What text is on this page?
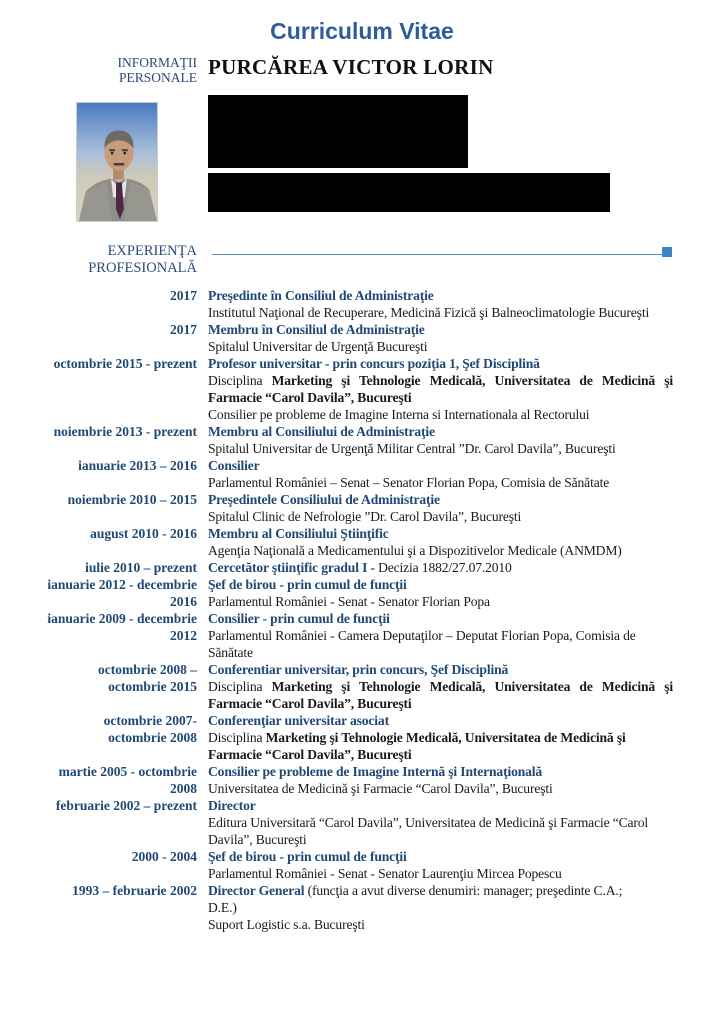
Curriculum Vitae
INFORMAŢII
PERSONALE PURCĂREA VICTOR LORIN
EXPERIENŢA
PROFESIONALĂ
2017 Preşedinte în Consiliul de Administraţie
Institutul Naţional de Recuperare, Medicină Fizică şi Balneoclimatologie Bucureşti
2017 Membru în Consiliul de Administraţie
Spitalul Universitar de Urgenţă Bucureşti
octombrie 2015 - prezent Profesor universitar - prin concurs poziţia 1, Şef Disciplină
Disciplina Marketing şi Tehnologie Medicală, Universitatea de Medicină şi
Farmacie “Carol Davila”, Bucureşti
Consilier pe probleme de Imagine Interna si Internationala al Rectorului
noiembrie 2013 - prezent Membru al Consiliului de Administraţie
Spitalul Universitar de Urgenţă Militar Central ”Dr. Carol Davila”, Bucureşti
ianuarie 2013 – 2016 Consilier
Parlamentul României – Senat – Senator Florian Popa, Comisia de Sănătate
noiembrie 2010 – 2015 Preşedintele Consiliului de Administraţie
Spitalul Clinic de Nefrologie ”Dr. Carol Davila”, Bucureşti
august 2010 - 2016 Membru al Consiliului Ştiinţific
Agenţia Naţională a Medicamentului şi a Dispozitivelor Medicale (ANMDM)
iulie 2010 – prezent Cercetător ştiinţific gradul I - Decizia 1882/27.07.2010
ianuarie 2012 - decembrie
2016
Şef de birou - prin cumul de funcţii
Parlamentul României - Senat - Senator Florian Popa
ianuarie 2009 - decembrie
2012
Consilier - prin cumul de funcţii
Parlamentul României - Camera Deputaţilor – Deputat Florian Popa, Comisia de
Sănătate
octombrie 2008 –
octombrie 2015
Conferentiar universitar, prin concurs, Şef Disciplină
Disciplina Marketing şi Tehnologie Medicală, Universitatea de Medicină şi
Farmacie “Carol Davila”, Bucureşti
octombrie 2007-
octombrie 2008
Conferenţiar universitar asociat
Disciplina Marketing şi Tehnologie Medicală, Universitatea de Medicină şi
Farmacie “Carol Davila”, Bucureşti
martie 2005 - octombrie
2008
Consilier pe probleme de Imagine Internă şi Internaţională
Universitatea de Medicină şi Farmacie “Carol Davila”, Bucureşti
februarie 2002 – prezent Director
Editura Universitară “Carol Davila”, Universitatea de Medicină şi Farmacie “Carol
Davila”, Bucureşti
2000 - 2004 Şef de birou - prin cumul de funcţii
Parlamentul României - Senat - Senator Laurenţiu Mircea Popescu
1993 – februarie 2002 Director General (funcţia a avut diverse denumiri: manager; preşedinte C.A.;
D.E.)
Suport Logistic s.a. Bucureşti
